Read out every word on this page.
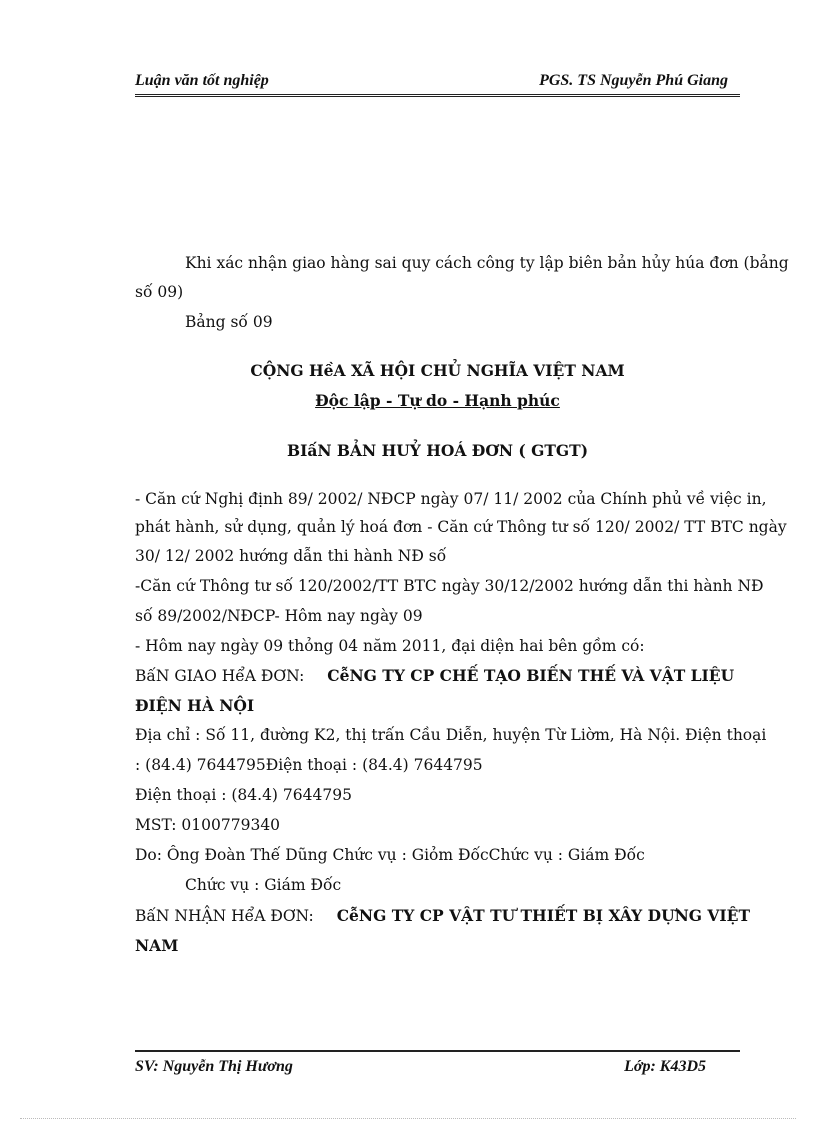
Luận văn tốt nghiệp	PGS. TS Nguyễn Phú Giang
Khi xác nhận giao hàng sai quy cách công ty lập biên bản hủy húa đơn (bảng
số 09)
Bảng số 09
CỘNG HềA XÃ HỘI CHỦ NGHĨA VIỆT NAM
Độc lập - Tự do - Hạnh phúc
BIấN BẢN HUỶ HOÁ ĐƠN ( GTGT)
- Căn cứ Nghị định 89/ 2002/ NĐCP ngày 07/ 11/ 2002 của Chính phủ về việc in,
phát hành, sử dụng, quản lý hoá đơn - Căn cứ Thông tư số 120/ 2002/ TT BTC ngày
30/ 12/ 2002 hướng dẫn thi hành NĐ số
-Căn cứ Thông tư số 120/2002/TT BTC ngày 30/12/2002 hướng dẫn thi hành NĐ
số 89/2002/NĐCP- Hôm nay ngày 09
- Hôm nay ngày 09 thỏng 04 năm 2011, đại diện hai bên gồm có:
BấN GIAO HểA ĐƠN: CễNG TY CP CHẾ TẠO BIẾN THẾ VÀ VẬT LIỆU
ĐIỆN HÀ NỘI
Địa chỉ : Số 11, đường K2, thị trấn Cầu Diễn, huyện Từ Liờm, Hà Nội. Điện thoại
: (84.4) 7644795Điện thoại : (84.4) 7644795
Điện thoại : (84.4) 7644795
MST: 0100779340
Do: Ông Đoàn Thế Dũng Chức vụ : Giỏm ĐốcChức vụ : Giám Đốc
Chức vụ : Giám Đốc
BấN NHẬN HểA ĐƠN: CễNG TY CP VẬT TƯ THIẾT BỊ XÂY DỰNG VIỆT
NAM
SV: Nguyễn Thị Hương	Lớp: K43D5
